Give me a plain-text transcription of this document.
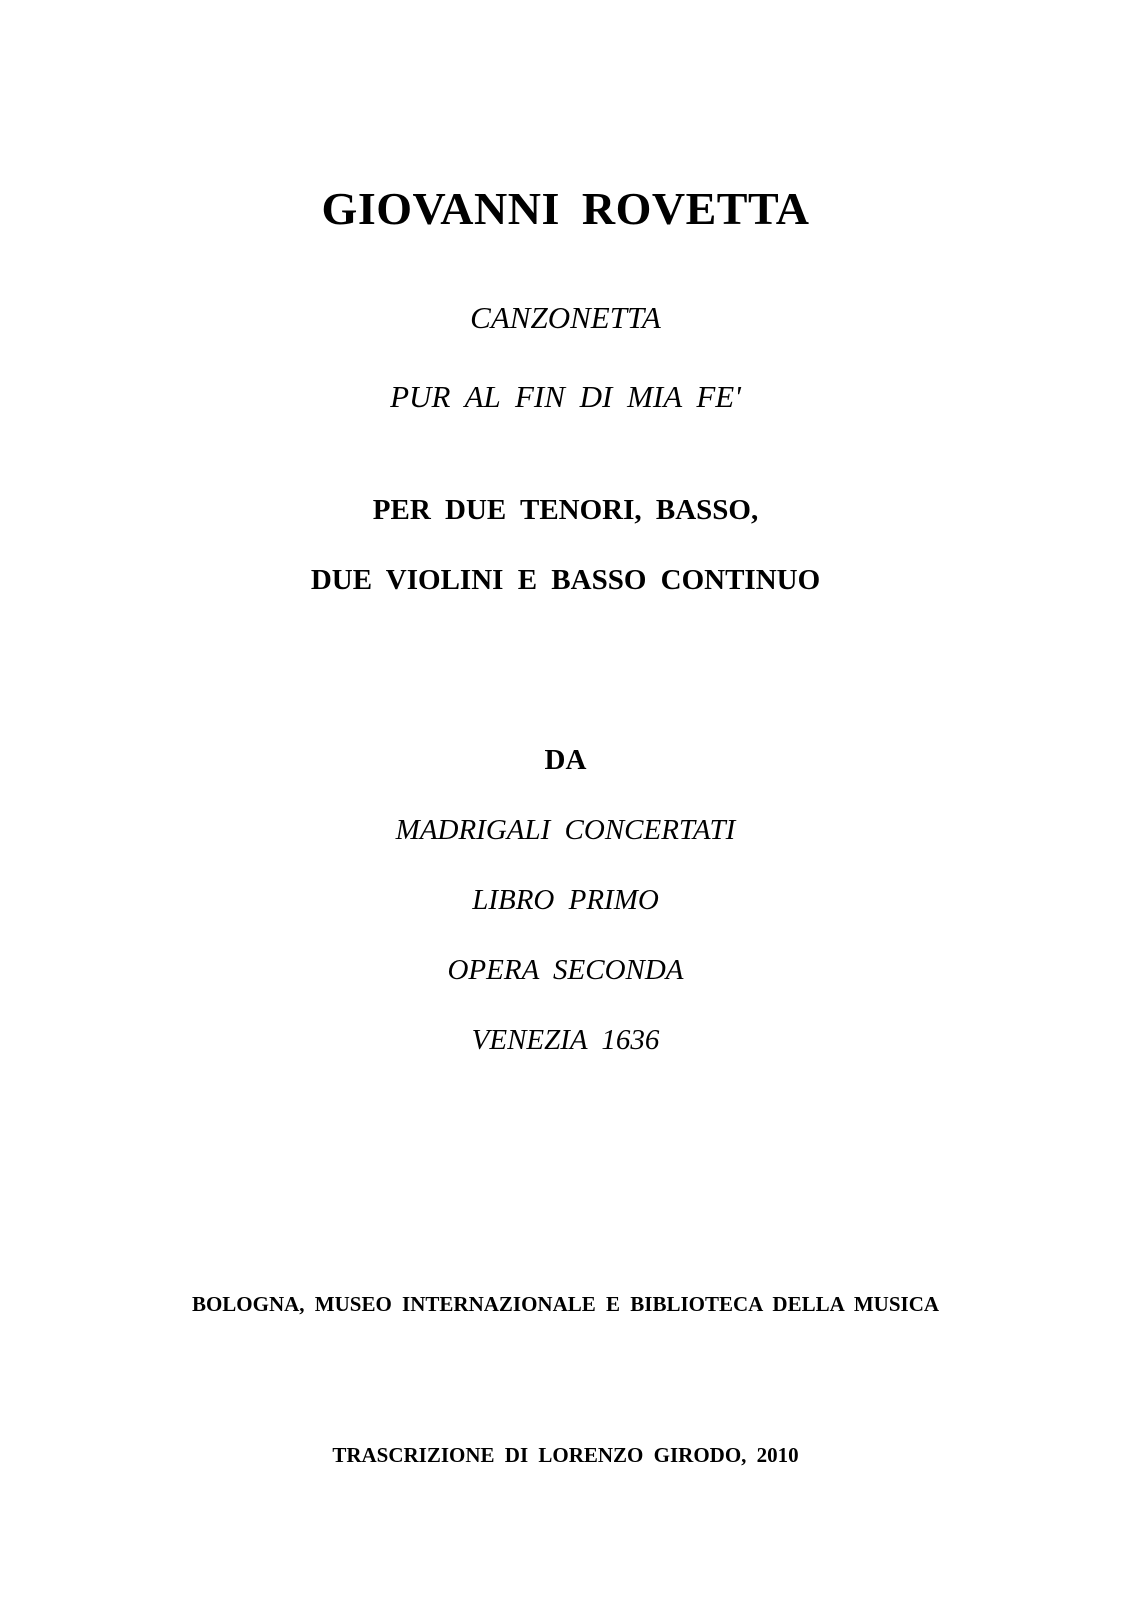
GIOVANNI ROVETTA
CANZONETTA
PUR AL FIN DI MIA FE'
PER DUE TENORI, BASSO,
DUE VIOLINI E BASSO CONTINUO
DA
MADRIGALI CONCERTATI
LIBRO PRIMO
OPERA SECONDA
VENEZIA 1636
BOLOGNA, MUSEO INTERNAZIONALE E BIBLIOTECA DELLA MUSICA
TRASCRIZIONE DI LORENZO GIRODO, 2010
